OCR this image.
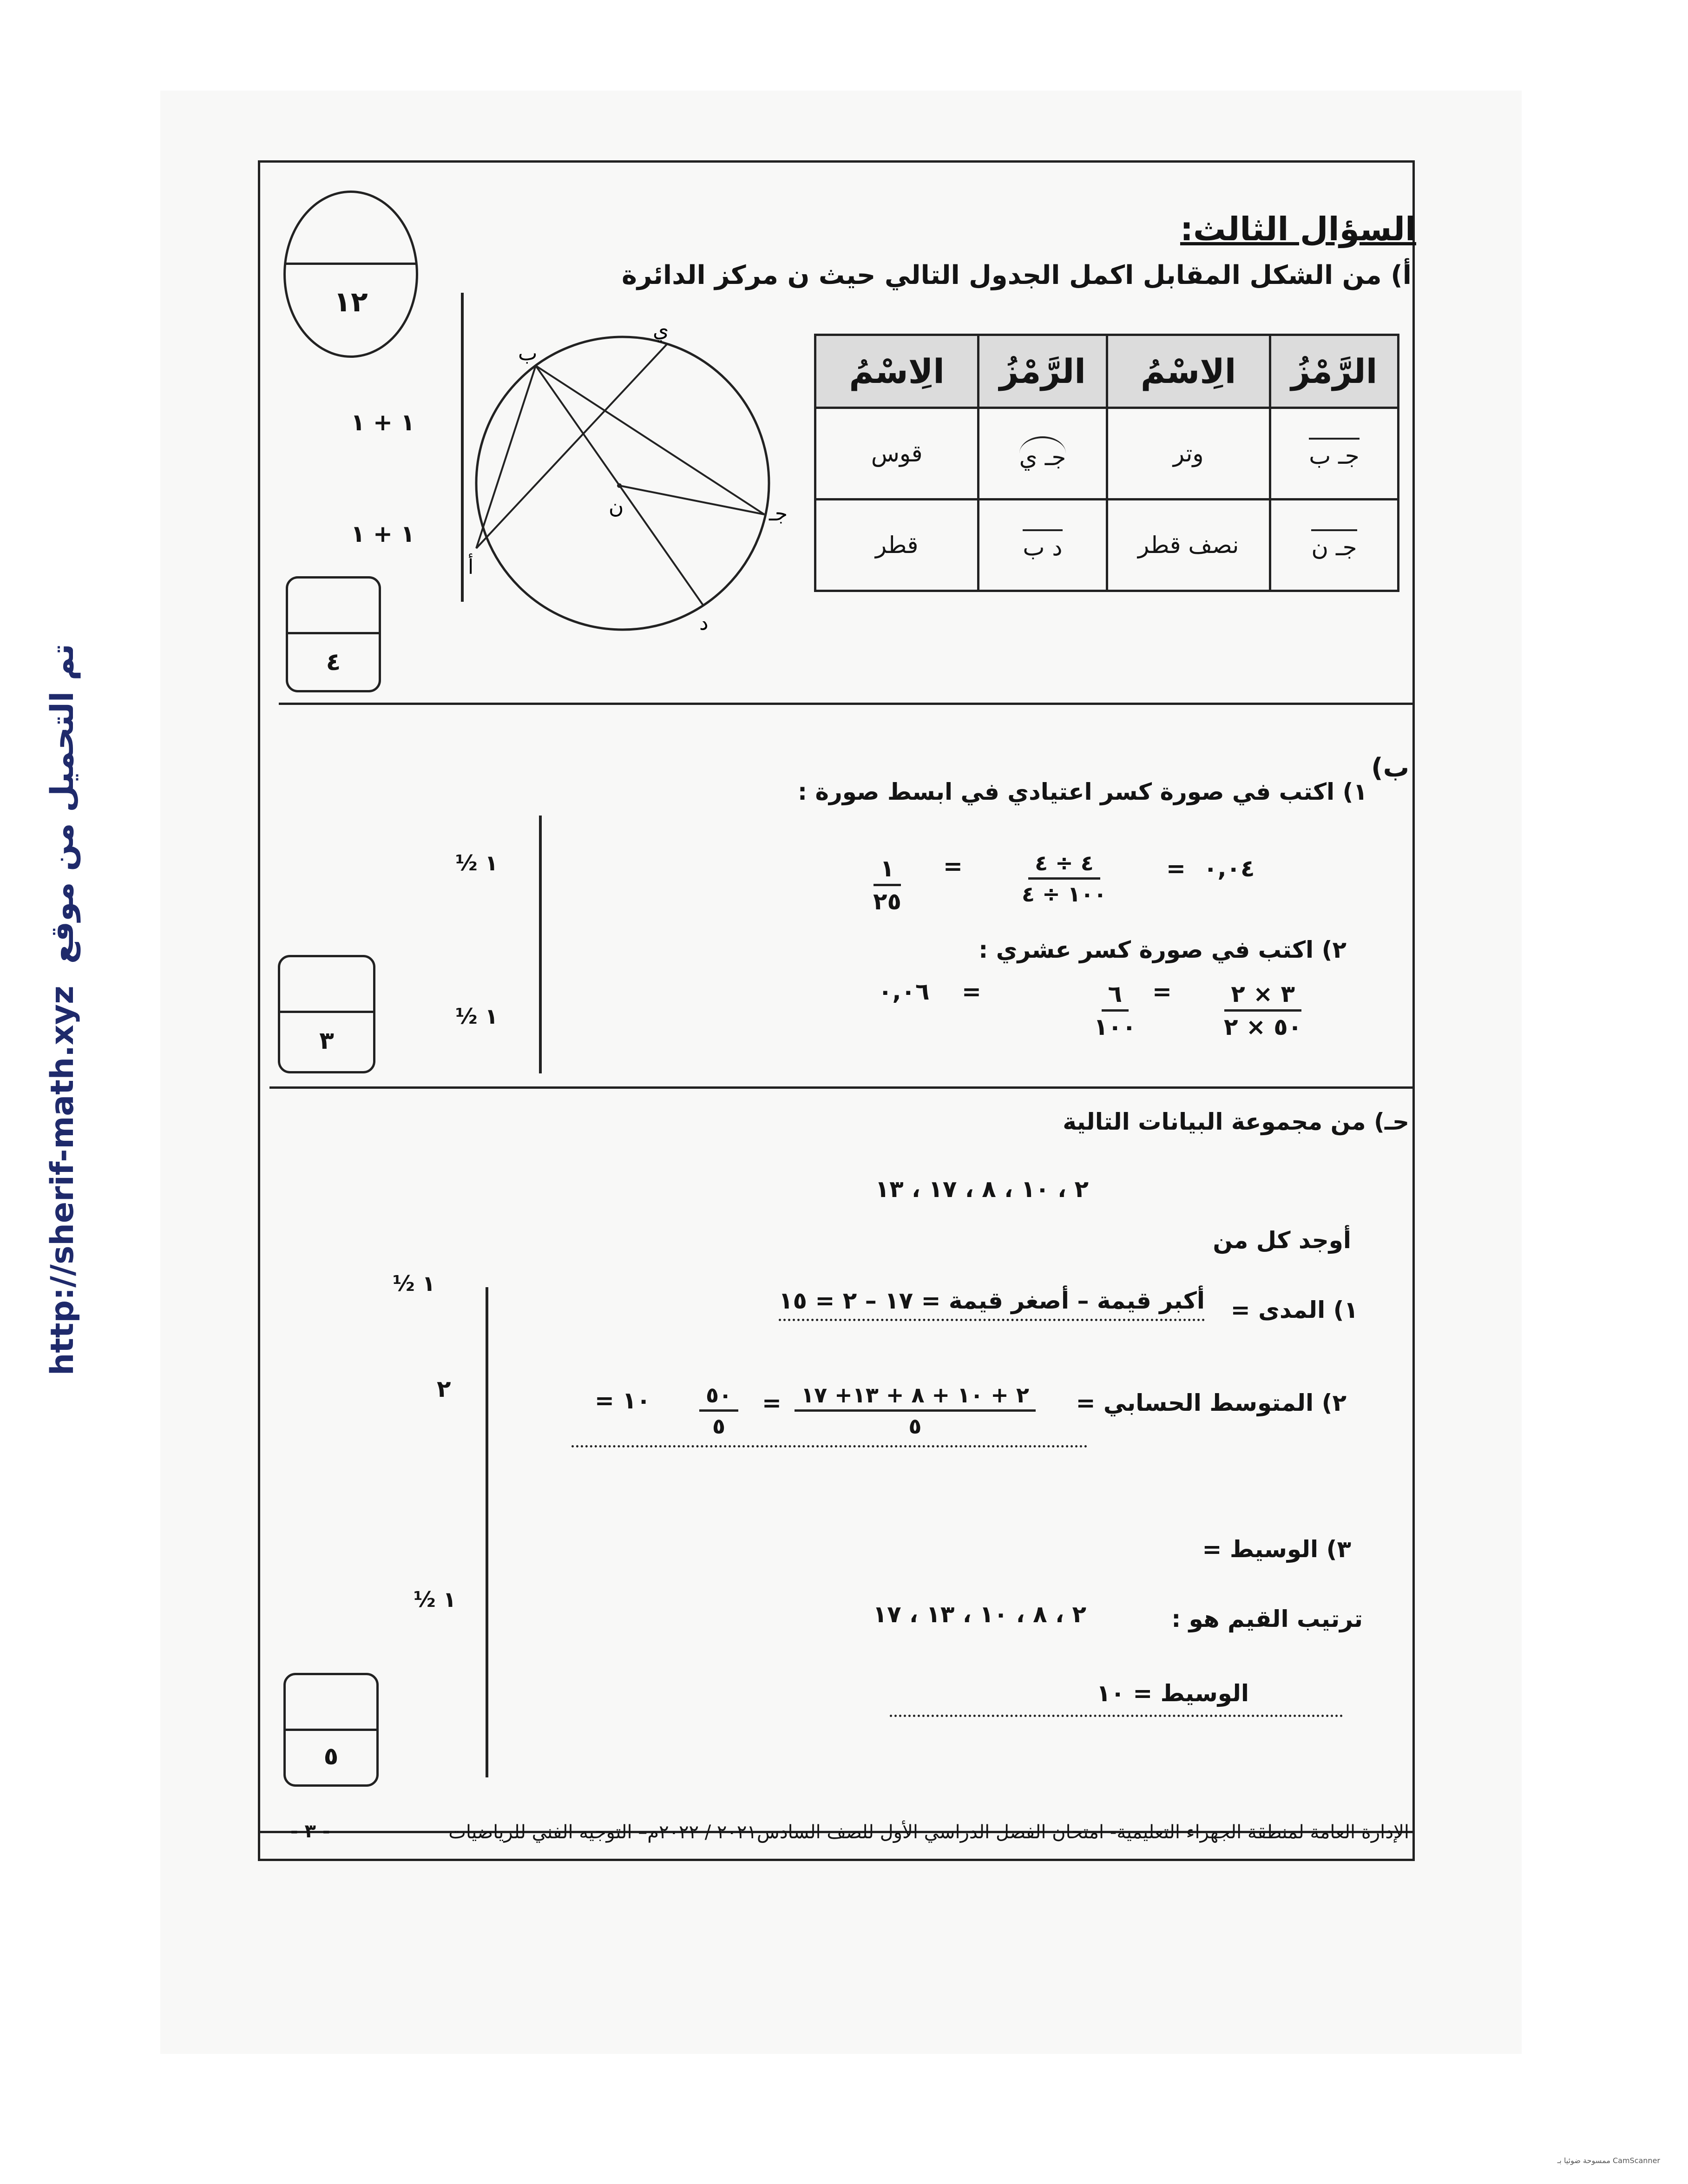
http://sherif-math.xyz  تم التحميل من موقع
١٢
السؤال الثالث:
أ) من الشكل المقابل اكمل الجدول التالي حيث ن مركز الدائرة
الرَّمْزُ	الِاسْمُ	الرَّمْزُ	الِاسْمُ
جـ ب	وتر	جـ ي	قوس
جـ ن	نصف قطر	د ب	قطر
ب
ي
جـ
ن
أ
د
١ + ١
١ + ١
٤
ب)
١) اكتب في صورة كسر اعتيادي في ابسط صورة :
$\frac{١}{٢٥} = \frac{٤ \div ٤}{١٠٠ \div ٤}$ = ٠,٠٤
٢) اكتب في صورة كسر عشري :
٠,٠٦ =	$\frac{٦}{١٠٠} = \frac{٣ \times ٢}{٥٠ \times ٢}$
١ ½
١ ½
٣
حـ) من مجموعة البيانات التالية
٢ ، ١٠ ، ٨ ، ١٧ ، ١٣
أوجد كل من
١) المدى =
أكبر قيمة – أصغر قيمة = ١٧ – ٢ = ١٥
٢) المتوسط الحسابي =
$\frac{٢ + ١٠ + ٨ + ١٣+ ١٧}{٥}$
=
$\frac{٥٠}{٥}$
= ١٠
٣) الوسيط =
ترتيب القيم هو :
٢ ، ٨ ، ١٠ ، ١٣ ، ١٧
الوسيط = ١٠
١ ½
٢
١ ½
٥
الإدارة العامة لمنطقة الجهراء التعليمية- امتحان الفصل الدراسي الأول للصف السادس٢٠٢١ / ٢٠٢٢م– التوجيه الفني للرياضيات
- ٣ -
CamScanner ممسوحة ضوئيا بـ
